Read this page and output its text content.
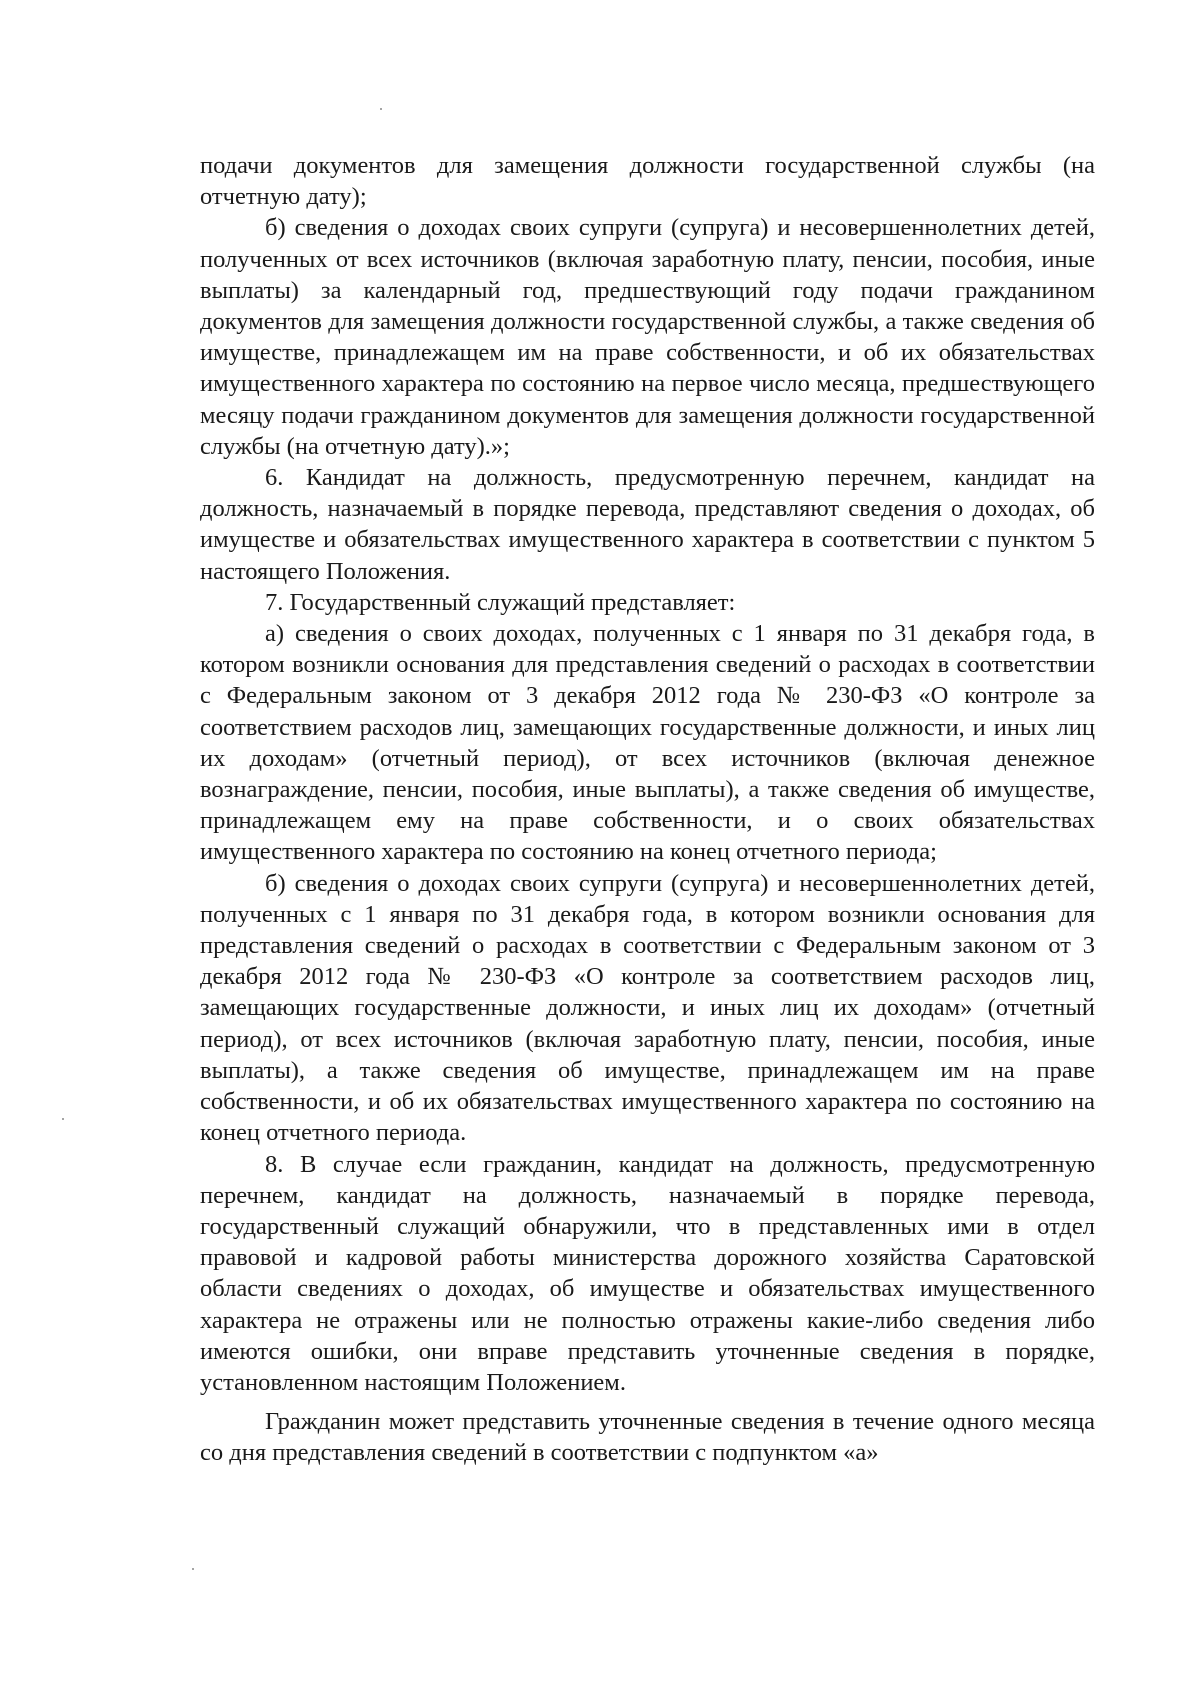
подачи документов для замещения должности государственной службы (на отчетную дату);

б) сведения о доходах своих супруги (супруга) и несовершеннолетних детей, полученных от всех источников (включая заработную плату, пенсии, пособия, иные выплаты) за календарный год, предшествующий году подачи гражданином документов для замещения должности государственной службы, а также сведения об имуществе, принадлежащем им на праве собственности, и об их обязательствах имущественного характера по состоянию на первое число месяца, предшествующего месяцу подачи гражданином документов для замещения должности государственной службы (на отчетную дату).»;

6. Кандидат на должность, предусмотренную перечнем, кандидат на должность, назначаемый в порядке перевода, представляют сведения о доходах, об имуществе и обязательствах имущественного характера в соответствии с пунктом 5 настоящего Положения.

7. Государственный служащий представляет:

а) сведения о своих доходах, полученных с 1 января по 31 декабря года, в котором возникли основания для представления сведений о расходах в соответствии с Федеральным законом от 3 декабря 2012 года № 230-ФЗ «О контроле за соответствием расходов лиц, замещающих государственные должности, и иных лиц их доходам» (отчетный период), от всех источников (включая денежное вознаграждение, пенсии, пособия, иные выплаты), а также сведения об имуществе, принадлежащем ему на праве собственности, и о своих обязательствах имущественного характера по состоянию на конец отчетного периода;

б) сведения о доходах своих супруги (супруга) и несовершеннолетних детей, полученных с 1 января по 31 декабря года, в котором возникли основания для представления сведений о расходах в соответствии с Федеральным законом от 3 декабря 2012 года № 230-ФЗ «О контроле за соответствием расходов лиц, замещающих государственные должности, и иных лиц их доходам» (отчетный период), от всех источников (включая заработную плату, пенсии, пособия, иные выплаты), а также сведения об имуществе, принадлежащем им на праве собственности, и об их обязательствах имущественного характера по состоянию на конец отчетного периода.

8. В случае если гражданин, кандидат на должность, предусмотренную перечнем, кандидат на должность, назначаемый в порядке перевода, государственный служащий обнаружили, что в представленных ими в отдел правовой и кадровой работы министерства дорожного хозяйства Саратовской области сведениях о доходах, об имуществе и обязательствах имущественного характера не отражены или не полностью отражены какие-либо сведения либо имеются ошибки, они вправе представить уточненные сведения в порядке, установленном настоящим Положением.

Гражданин может представить уточненные сведения в течение одного месяца со дня представления сведений в соответствии с подпунктом «а»
